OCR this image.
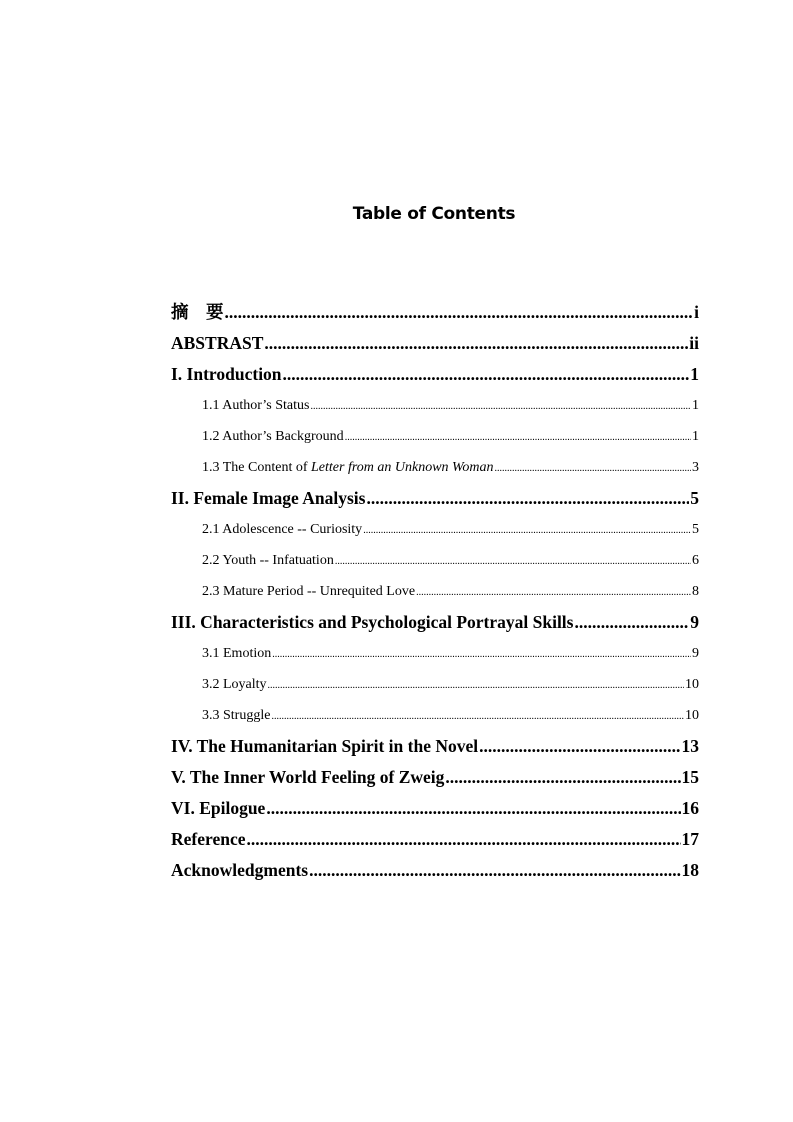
Table of Contents
摘　要 .....	i
ABSTRAST .....	ii
I. Introduction .....	1
1.1 Author’s Status .....	1
1.2 Author’s Background .....	1
1.3 The Content of Letter from an Unknown Woman .....	3
II. Female Image Analysis .....	5
2.1 Adolescence -- Curiosity .....	5
2.2 Youth -- Infatuation .....	6
2.3 Mature Period -- Unrequited Love .....	8
III. Characteristics and Psychological Portrayal Skills .....	9
3.1 Emotion .....	9
3.2 Loyalty .....	10
3.3 Struggle .....	10
IV. The Humanitarian Spirit in the Novel .....	13
V. The Inner World Feeling of Zweig .....	15
VI. Epilogue .....	16
Reference .....	17
Acknowledgments .....	18
